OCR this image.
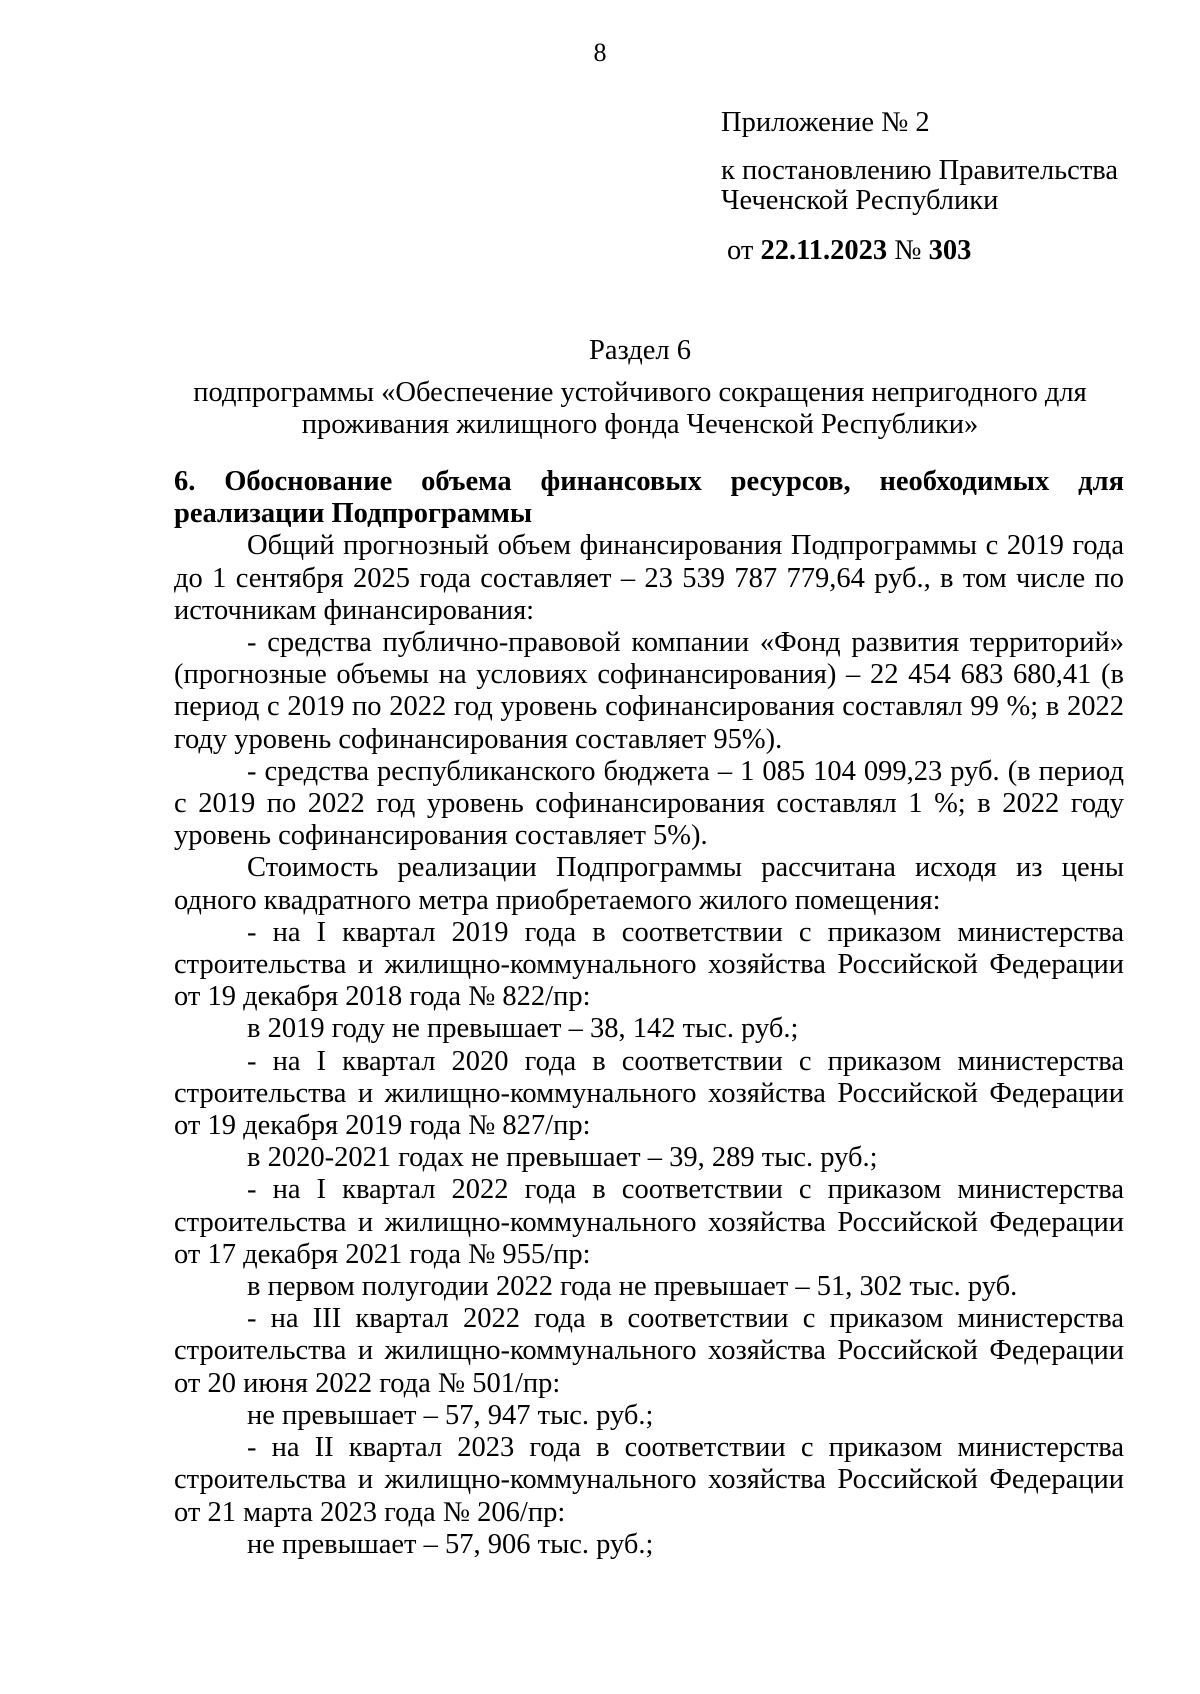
8
Приложение № 2
к постановлению Правительства
Чеченской Республики
от 22.11.2023 № 303
Раздел 6
подпрограммы «Обеспечение устойчивого сокращения непригодного для
проживания жилищного фонда Чеченской Республики»
6. Обоснование объема финансовых ресурсов, необходимых для реализации Подпрограммы
Общий прогнозный объем финансирования Подпрограммы с 2019 года до 1 сентября 2025 года составляет – 23 539 787 779,64 руб., в том числе по источникам финансирования:
- средства публично-правовой компании «Фонд развития территорий» (прогнозные объемы на условиях софинансирования) – 22 454 683 680,41 (в период с 2019 по 2022 год уровень софинансирования составлял 99 %; в 2022 году уровень софинансирования составляет 95%).
- средства республиканского бюджета – 1 085 104 099,23 руб. (в период с 2019 по 2022 год уровень софинансирования составлял 1 %; в 2022 году уровень софинансирования составляет 5%).
Стоимость реализации Подпрограммы рассчитана исходя из цены одного квадратного метра приобретаемого жилого помещения:
- на I квартал 2019 года в соответствии с приказом министерства строительства и жилищно-коммунального хозяйства Российской Федерации от 19 декабря 2018 года № 822/пр:
в 2019 году не превышает – 38, 142 тыс. руб.;
- на I квартал 2020 года в соответствии с приказом министерства строительства и жилищно-коммунального хозяйства Российской Федерации от 19 декабря 2019 года № 827/пр:
в 2020-2021 годах не превышает – 39, 289 тыс. руб.;
- на I квартал 2022 года в соответствии с приказом министерства строительства и жилищно-коммунального хозяйства Российской Федерации от 17 декабря 2021 года № 955/пр:
в первом полугодии 2022 года не превышает – 51, 302 тыс. руб.
- на III квартал 2022 года в соответствии с приказом министерства строительства и жилищно-коммунального хозяйства Российской Федерации от 20 июня 2022 года № 501/пр:
не превышает – 57, 947 тыс. руб.;
- на II квартал 2023 года в соответствии с приказом министерства строительства и жилищно-коммунального хозяйства Российской Федерации от 21 марта 2023 года № 206/пр:
не превышает – 57, 906 тыс. руб.;
